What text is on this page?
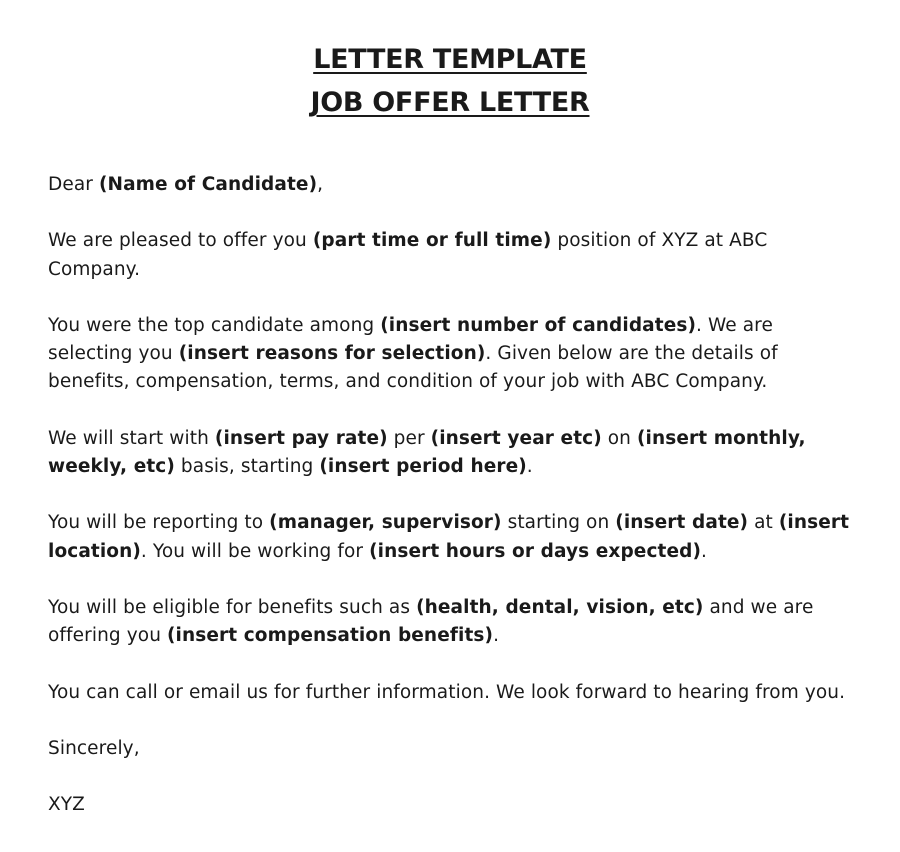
LETTER TEMPLATE
JOB OFFER LETTER

Dear (Name of Candidate),

We are pleased to offer you (part time or full time) position of XYZ at ABC Company.

You were the top candidate among (insert number of candidates). We are selecting you (insert reasons for selection). Given below are the details of benefits, compensation, terms, and condition of your job with ABC Company.

We will start with (insert pay rate) per (insert year etc) on (insert monthly, weekly, etc) basis, starting (insert period here).

You will be reporting to (manager, supervisor) starting on (insert date) at (insert location). You will be working for (insert hours or days expected).

You will be eligible for benefits such as (health, dental, vision, etc) and we are offering you (insert compensation benefits).

You can call or email us for further information. We look forward to hearing from you.

Sincerely,

XYZ
